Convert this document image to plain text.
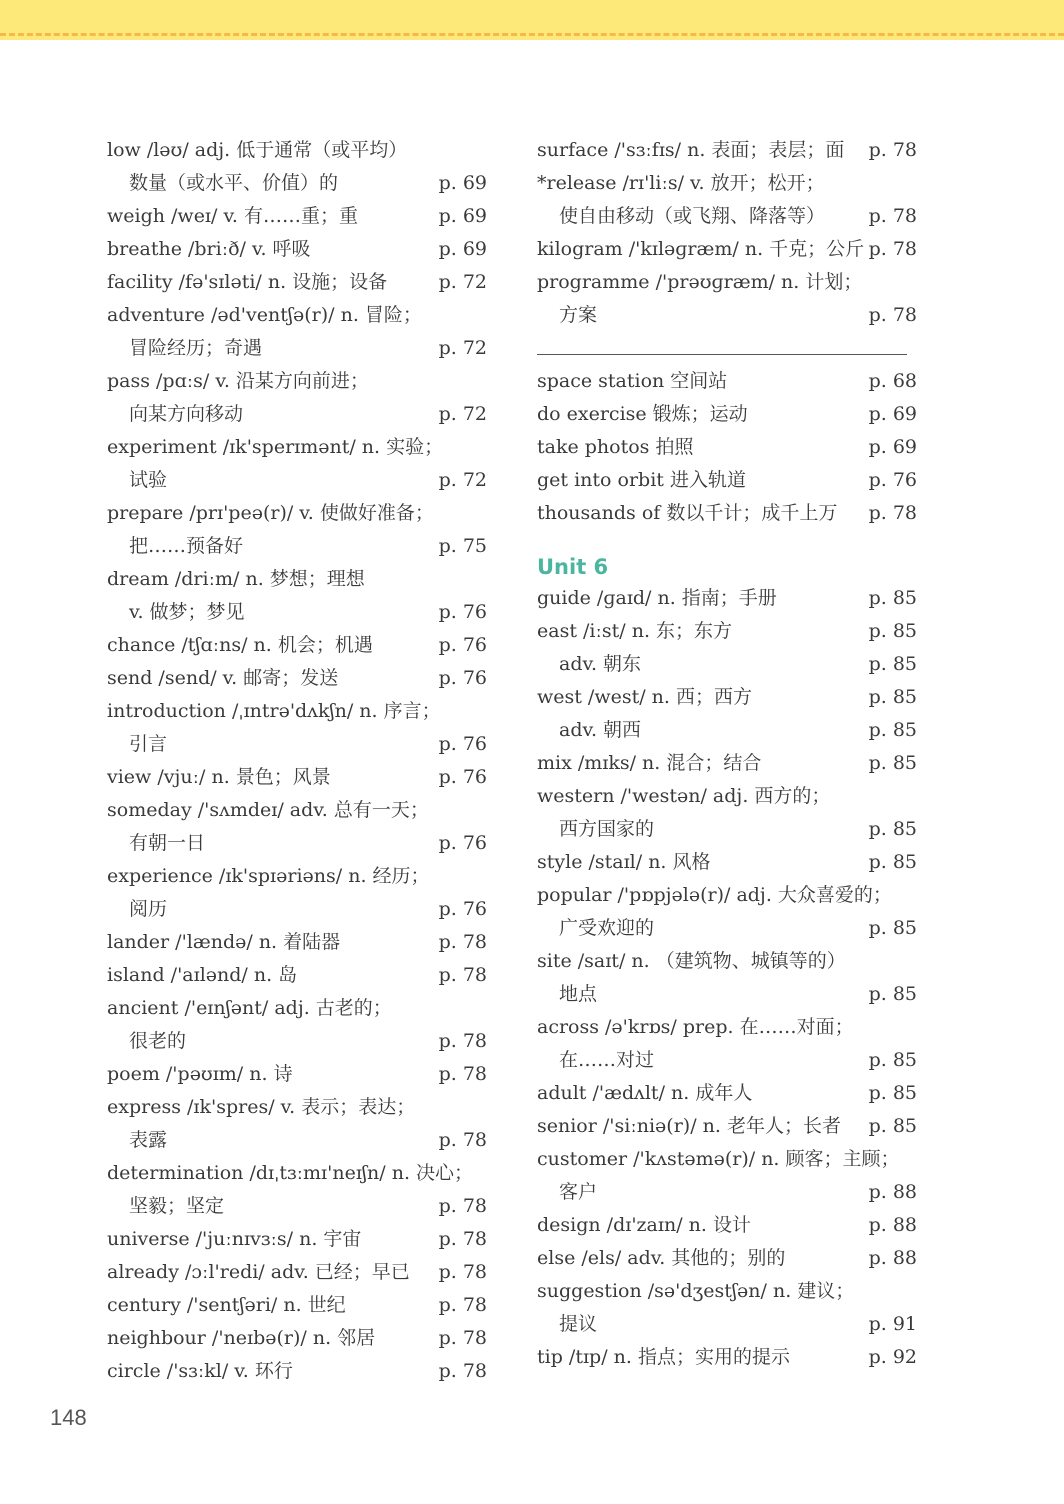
low /ləʊ/ adj. 低于通常（或平均）
数量（或水平、价值）的	p. 69
weigh /weɪ/ v. 有……重；重	p. 69
breathe /briːð/ v. 呼吸	p. 69
facility /fə'sɪləti/ n. 设施；设备	p. 72
adventure /əd'ventʃə(r)/ n. 冒险；
冒险经历；奇遇	p. 72
pass /pɑːs/ v. 沿某方向前进；
向某方向移动	p. 72
experiment /ɪk'sperɪmənt/ n. 实验；
试验	p. 72
prepare /prɪ'peə(r)/ v. 使做好准备；
把……预备好	p. 75
dream /driːm/ n. 梦想；理想
v. 做梦；梦见	p. 76
chance /tʃɑːns/ n. 机会；机遇	p. 76
send /send/ v. 邮寄；发送	p. 76
introduction /ˌɪntrə'dʌkʃn/ n. 序言；
引言	p. 76
view /vjuː/ n. 景色；风景	p. 76
someday /'sʌmdeɪ/ adv. 总有一天；
有朝一日	p. 76
experience /ɪk'spɪəriəns/ n. 经历；
阅历	p. 76
lander /'lændə/ n. 着陆器	p. 78
island /'aɪlənd/ n. 岛	p. 78
ancient /'eɪnʃənt/ adj. 古老的；
很老的	p. 78
poem /'pəʊɪm/ n. 诗	p. 78
express /ɪk'spres/ v. 表示；表达；
表露	p. 78
determination /dɪˌtɜːmɪ'neɪʃn/ n. 决心；
坚毅；坚定	p. 78
universe /'juːnɪvɜːs/ n. 宇宙	p. 78
already /ɔːl'redi/ adv. 已经；早已 p. 78
century /'sentʃəri/ n. 世纪	p. 78
neighbour /'neɪbə(r)/ n. 邻居	p. 78
circle /'sɜːkl/ v. 环行	p. 78
surface /'sɜːfɪs/ n. 表面；表层；面 p. 78
*release /rɪ'liːs/ v. 放开；松开；
使自由移动（或飞翔、降落等） p. 78
kilogram /'kɪləɡræm/ n. 千克；公斤 p. 78
programme /'prəʊɡræm/ n. 计划；
方案	p. 78
space station 空间站	p. 68
do exercise 锻炼；运动	p. 69
take photos 拍照	p. 69
get into orbit 进入轨道	p. 76
thousands of 数以千计；成千上万 p. 78
Unit 6
guide /ɡaɪd/ n. 指南；手册	p. 85
east /iːst/ n. 东；东方	p. 85
adv. 朝东	p. 85
west /west/ n. 西；西方	p. 85
adv. 朝西	p. 85
mix /mɪks/ n. 混合；结合	p. 85
western /'westən/ adj. 西方的；
西方国家的	p. 85
style /staɪl/ n. 风格	p. 85
popular /'pɒpjələ(r)/ adj. 大众喜爱的；
广受欢迎的	p. 85
site /saɪt/ n. （建筑物、城镇等的）
地点	p. 85
across /ə'krɒs/ prep. 在……对面；
在……对过	p. 85
adult /'ædʌlt/ n. 成年人	p. 85
senior /'siːniə(r)/ n. 老年人；长者 p. 85
customer /'kʌstəmə(r)/ n. 顾客；主顾；
客户	p. 88
design /dɪ'zaɪn/ n. 设计	p. 88
else /els/ adv. 其他的；别的	p. 88
suggestion /sə'dʒestʃən/ n. 建议；
提议	p. 91
tip /tɪp/ n. 指点；实用的提示	p. 92
148
